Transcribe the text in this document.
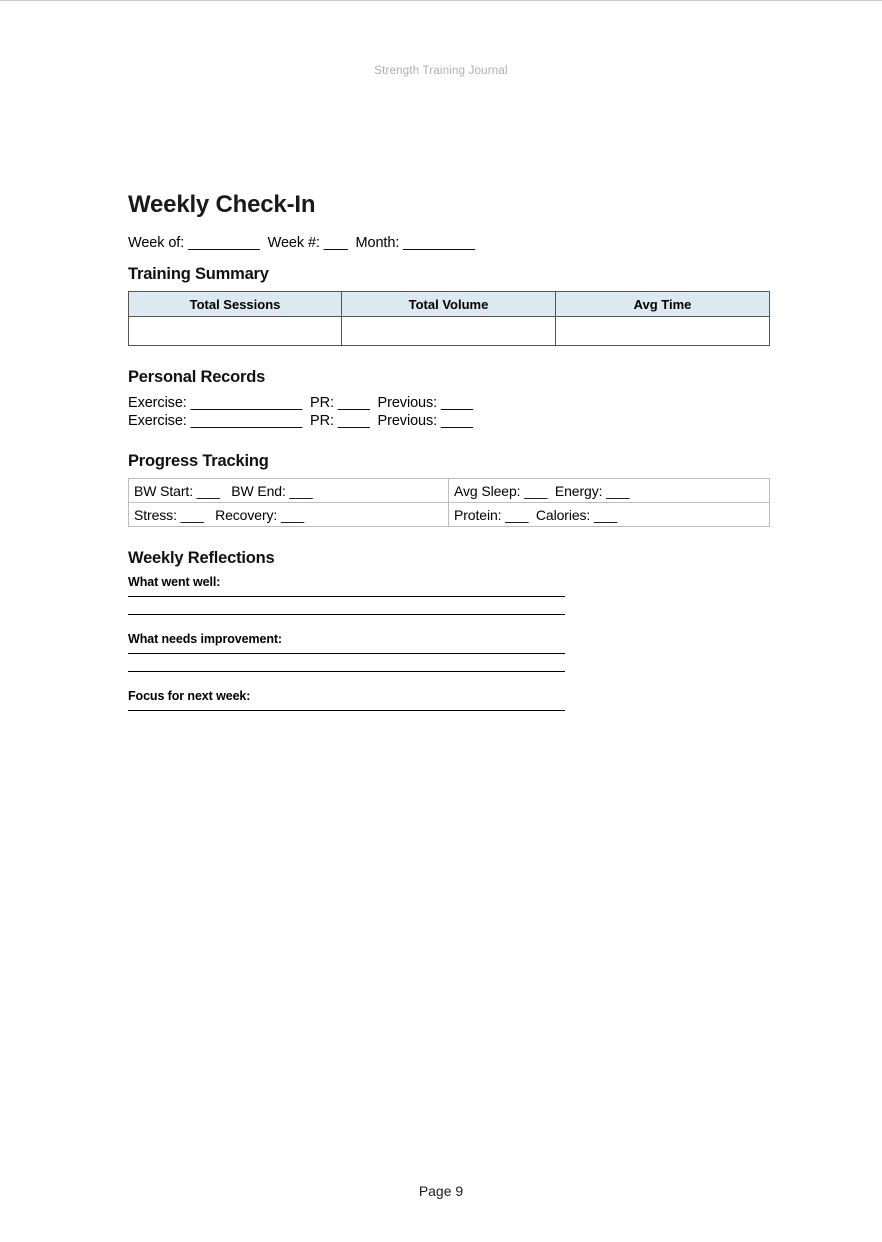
Strength Training Journal
Weekly Check-In

Week of: _________  Week #: ___  Month: _________

Training Summary
Total Sessions	Total Volume	Avg Time

Personal Records
Exercise: ______________  PR: ____  Previous: ____
Exercise: ______________  PR: ____  Previous: ____
Progress Tracking
BW Start: ___   BW End: ___	Avg Sleep: ___  Energy: ___
Stress: ___   Recovery: ___	Protein: ___  Calories: ___
Weekly Reflections
What went well:
What needs improvement:
Focus for next week:
Page 9
